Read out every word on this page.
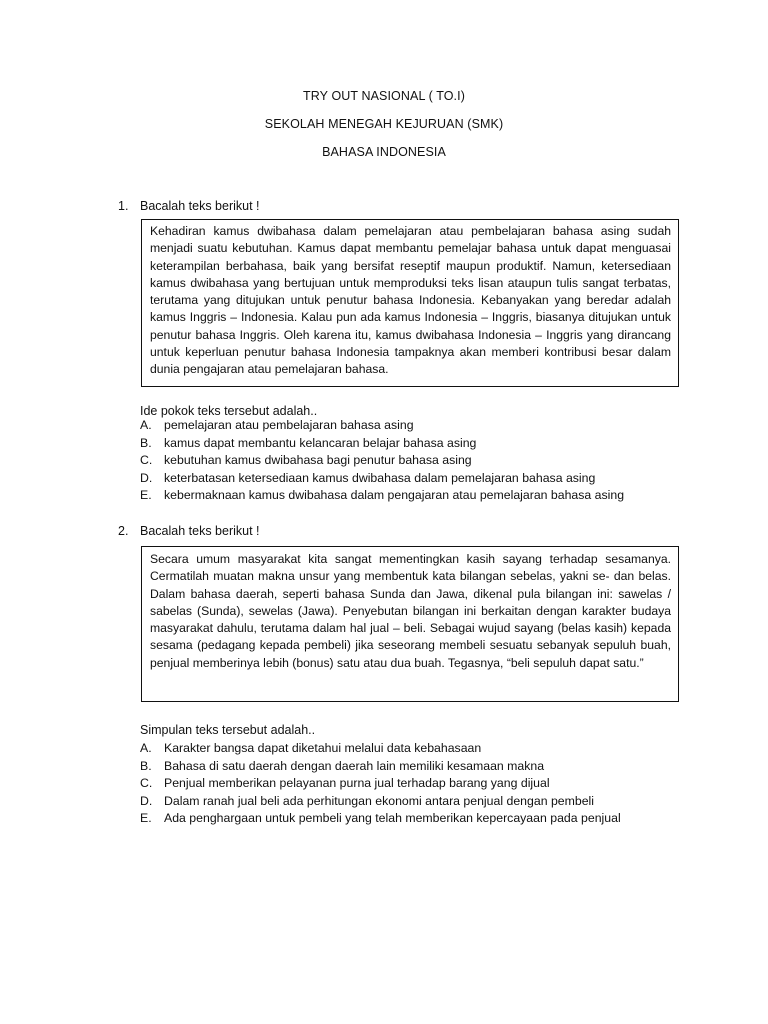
TRY OUT NASIONAL ( TO.I)
SEKOLAH MENEGAH KEJURUAN (SMK)
BAHASA INDONESIA
1. Bacalah teks berikut !
Kehadiran kamus dwibahasa dalam pemelajaran atau pembelajaran bahasa asing sudah menjadi suatu kebutuhan. Kamus dapat membantu pemelajar bahasa untuk dapat menguasai keterampilan berbahasa, baik yang bersifat reseptif maupun produktif. Namun, ketersediaan kamus dwibahasa yang bertujuan untuk memproduksi teks lisan ataupun tulis sangat terbatas, terutama yang ditujukan untuk penutur bahasa Indonesia. Kebanyakan yang beredar adalah kamus Inggris – Indonesia. Kalau pun ada kamus Indonesia – Inggris, biasanya ditujukan untuk penutur bahasa Inggris. Oleh karena itu, kamus dwibahasa Indonesia – Inggris yang dirancang untuk keperluan penutur bahasa Indonesia tampaknya akan memberi kontribusi besar dalam dunia pengajaran atau pemelajaran bahasa.
Ide pokok teks tersebut adalah..
A.	pemelajaran atau pembelajaran bahasa asing
B.	kamus dapat membantu kelancaran belajar bahasa asing
C. kebutuhan kamus dwibahasa bagi penutur bahasa asing
D. keterbatasan ketersediaan kamus dwibahasa dalam pemelajaran bahasa asing
E.	kebermaknaan kamus dwibahasa dalam pengajaran atau pemelajaran bahasa asing
2. Bacalah teks berikut !
Secara umum masyarakat kita sangat mementingkan kasih sayang terhadap sesamanya. Cermatilah muatan makna unsur yang membentuk kata bilangan sebelas, yakni se- dan belas. Dalam bahasa daerah, seperti bahasa Sunda dan Jawa, dikenal pula bilangan ini: sawelas / sabelas (Sunda), sewelas (Jawa). Penyebutan bilangan ini berkaitan dengan karakter budaya masyarakat dahulu, terutama dalam hal jual – beli. Sebagai wujud sayang (belas kasih) kepada sesama (pedagang kepada pembeli) jika seseorang membeli sesuatu sebanyak sepuluh buah, penjual memberinya lebih (bonus) satu atau dua buah. Tegasnya, “beli sepuluh dapat satu.”
Simpulan teks tersebut adalah..
A.	Karakter bangsa dapat diketahui melalui data kebahasaan
B.	Bahasa di satu daerah dengan daerah lain memiliki kesamaan makna
C. Penjual memberikan pelayanan purna jual terhadap barang yang dijual
D. Dalam ranah jual beli ada perhitungan ekonomi antara penjual dengan pembeli
E.	Ada penghargaan untuk pembeli yang telah memberikan kepercayaan pada penjual
